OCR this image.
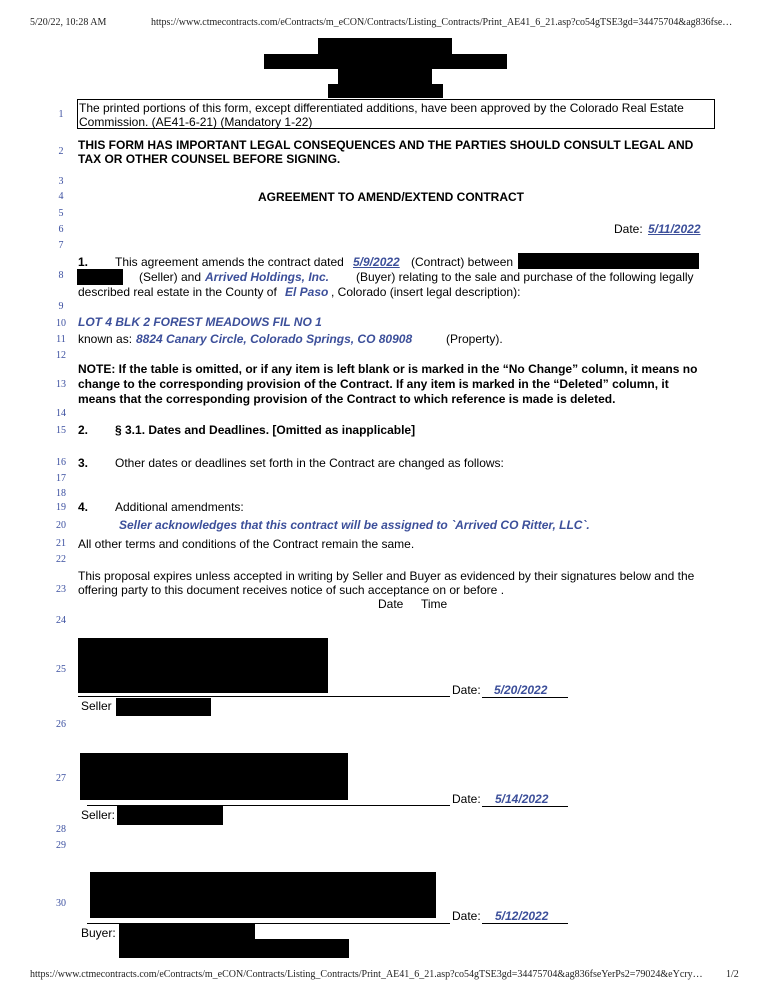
5/20/22, 10:28 AM	https://www.ctmecontracts.com/eContracts/m_eCON/Contracts/Listing_Contracts/Print_AE41_6_21.asp?co54gTSE3gd=34475704&ag836fse…
https://www.ctmecontracts.com/eContracts/m_eCON/Contracts/Listing_Contracts/Print_AE41_6_21.asp?co54gTSE3gd=34475704&ag836fseYerPs2=79024&eYcry…	1/2
1
2
3
4
5
6
7
8
9
10
11
12
13
14
15
16
17
18
19
20
21
22
23
24
25
26
27
28
29
30
The printed portions of this form, except differentiated additions, have been approved by the Colorado Real Estate
Commission. (AE41-6-21) (Mandatory 1-22)
THIS FORM HAS IMPORTANT LEGAL CONSEQUENCES AND THE PARTIES SHOULD CONSULT LEGAL AND
TAX OR OTHER COUNSEL BEFORE SIGNING.
AGREEMENT TO AMEND/EXTEND CONTRACT
Date: 5/11/2022
1. This agreement amends the contract dated 5/9/2022 (Contract) between
(Seller) and Arrived Holdings, Inc. (Buyer) relating to the sale and purchase of the following legally
described real estate in the County of El Paso , Colorado (insert legal description):
LOT 4 BLK 2 FOREST MEADOWS FIL NO 1
known as: 8824 Canary Circle, Colorado Springs, CO 80908	(Property).
NOTE: If the table is omitted, or if any item is left blank or is marked in the “No Change” column, it means no
change to the corresponding provision of the Contract. If any item is marked in the “Deleted” column, it
means that the corresponding provision of the Contract to which reference is made is deleted.
2. § 3.1. Dates and Deadlines. [Omitted as inapplicable]
3. Other dates or deadlines set forth in the Contract are changed as follows:
4. Additional amendments:
Seller acknowledges that this contract will be assigned to `Arrived CO Ritter, LLC`.
All other terms and conditions of the Contract remain the same.
This proposal expires unless accepted in writing by Seller and Buyer as evidenced by their signatures below and the
offering party to this document receives notice of such acceptance on or before .
Date Time
Date: 5/20/2022
Seller
Date: 5/14/2022
Seller:
Date: 5/12/2022
Buyer:
